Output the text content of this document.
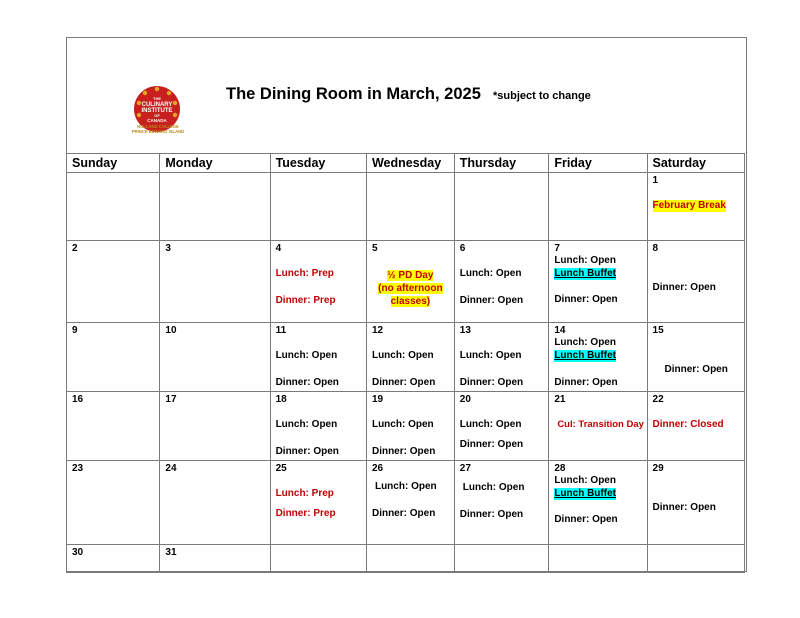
THE
CULINARY
INSTITUTE
OF
CANADA
HOLLAND COLLEGE
PRINCE EDWARD ISLAND
The Dining Room in March, 2025 *subject to change
Sunday	Monday	Tuesday	Wednesday	Thursday	Friday	Saturday

						1
February Break

2	3	4
Lunch: Prep
Dinner: Prep	5
½ PD Day
(no afternoon
classes)	6
Lunch: Open
Dinner: Open	7
Lunch: Open
Lunch Buffet
Dinner: Open	8
Dinner: Open

9	10	11
Lunch: Open
Dinner: Open	12
Lunch: Open
Dinner: Open	13
Lunch: Open
Dinner: Open	14
Lunch: Open
Lunch Buffet
Dinner: Open	15
Dinner: Open

16	17	18
Lunch: Open
Dinner: Open	19
Lunch: Open
Dinner: Open	20
Lunch: Open
Dinner: Open	21
Cul: Transition Day	22
Dinner: Closed

23	24	25
Lunch: Prep
Dinner: Prep	26
Lunch: Open
Dinner: Open	27
Lunch: Open
Dinner: Open	28
Lunch: Open
Lunch Buffet
Dinner: Open	29
Dinner: Open

30	31					
